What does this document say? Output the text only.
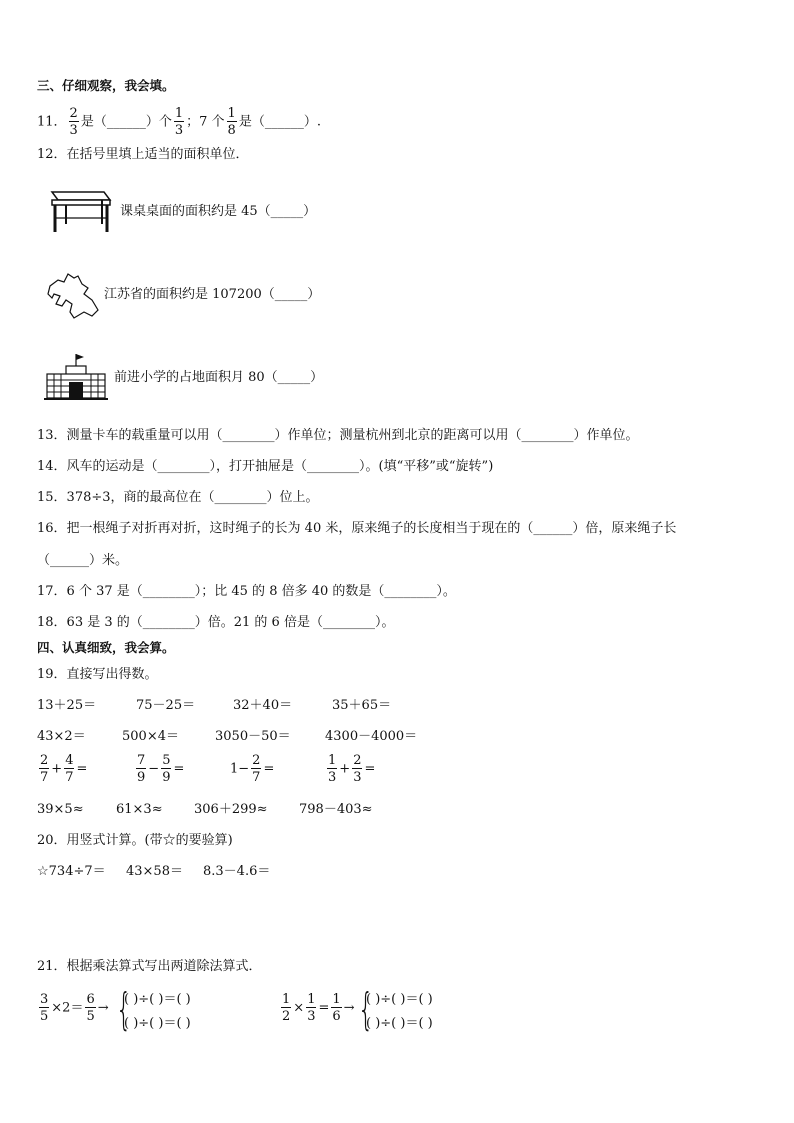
三、仔细观察，我会填。
11． $\frac{2}{3}$ 是（______）个 $\frac{1}{3}$ ；7 个 $\frac{1}{8}$ 是（______）.
12．在括号里填上适当的面积单位．
课桌桌面的面积约是 45（_____）
江苏省的面积约是 107200（_____）
前进小学的占地面积月 80（_____）
13．测量卡车的载重量可以用（________）作单位；测量杭州到北京的距离可以用（________）作单位。
14．风车的运动是（________），打开抽屉是（________）。(填“平移”或“旋转”)
15．378÷3，商的最高位在（________）位上。
16．把一根绳子对折再对折，这时绳子的长为 40 米，原来绳子的长度相当于现在的（______）倍，原来绳子长
（______）米。
17．6 个 37 是（________）；比 45 的 8 倍多 40 的数是（________）。
18．63 是 3 的（________）倍。21 的 6 倍是（________）。
四、认真细致，我会算。
19．直接写出得数。
13＋25＝	75－25＝	32＋40＝	35＋65＝
43×2＝	500×4＝	3050－50＝	4300－4000＝
$\frac{2}{7} + \frac{4}{7}$ =	$\frac{7}{9} - \frac{5}{9}$ =	$1- \frac{2}{7}$ =	$\frac{1}{3} + \frac{2}{3}$ =
39×5≈ 61×3≈ 306＋299≈ 798－403≈
20．用竖式计算。(带☆的要验算)
☆734÷7＝ 43×58＝ 8.3－4.6＝
21．根据乘法算式写出两道除法算式．
$\frac{3}{5} \times 2= \frac{6}{5}$ → {
( )÷( )＝( )
( )÷( )＝( )
$\frac{1}{2} \times \frac{1}{3} = \frac{1}{6}$ → {
( )÷( )＝( )
( )÷( )＝( )
